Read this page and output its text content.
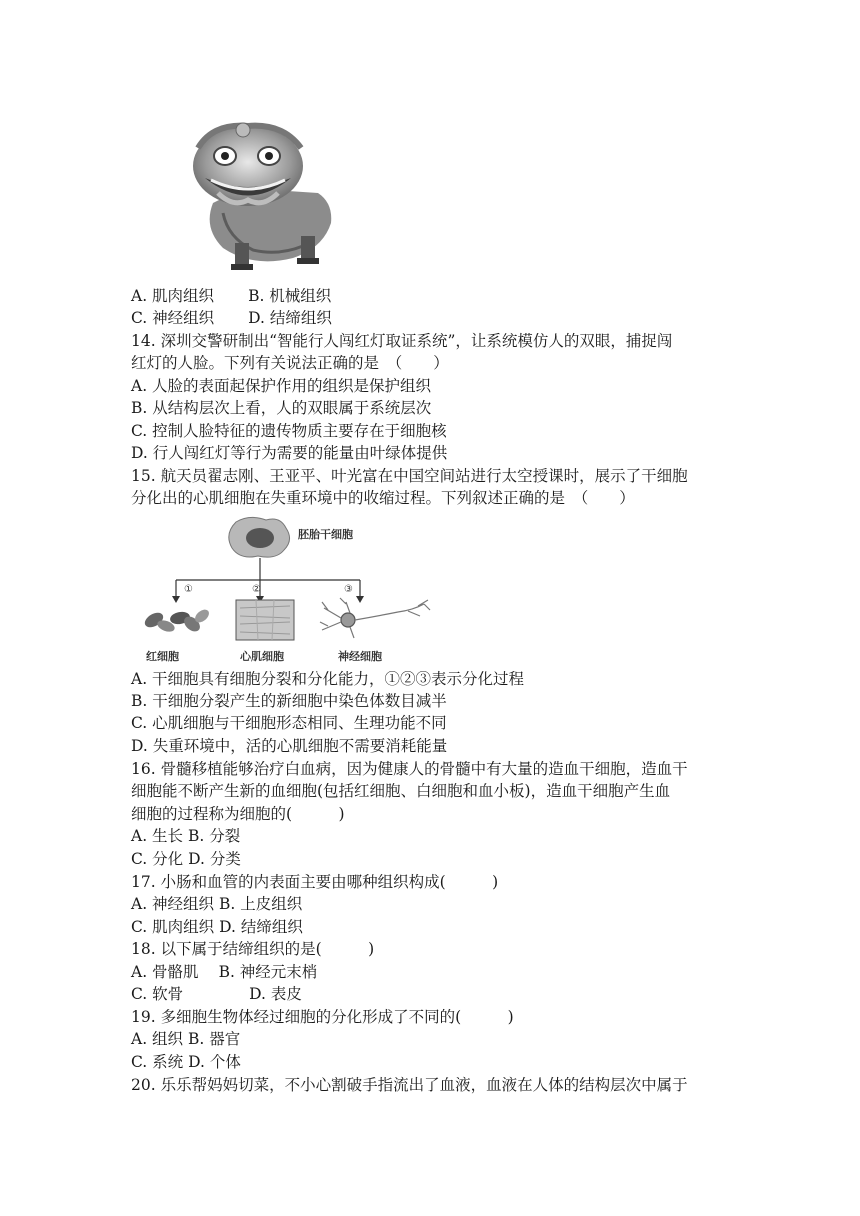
A. 肌肉组织 B. 机械组织
C. 神经组织 D. 结缔组织
14. 深圳交警研制出“智能行人闯红灯取证系统”，让系统模仿人的双眼，捕捉闯
红灯的人脸。下列有关说法正确的是　（　　）
A. 人脸的表面起保护作用的组织是保护组织
B. 从结构层次上看，人的双眼属于系统层次
C. 控制人脸特征的遗传物质主要存在于细胞核
D. 行人闯红灯等行为需要的能量由叶绿体提供
15. 航天员翟志刚、王亚平、叶光富在中国空间站进行太空授课时，展示了干细胞
分化出的心肌细胞在失重环境中的收缩过程。下列叙述正确的是　（　　）
胚胎干细胞
①	②	③
红细胞	心肌细胞	神经细胞
A. 干细胞具有细胞分裂和分化能力，①②③表示分化过程
B. 干细胞分裂产生的新细胞中染色体数目减半
C. 心肌细胞与干细胞形态相同、生理功能不同
D. 失重环境中，活的心肌细胞不需要消耗能量
16. 骨髓移植能够治疗白血病，因为健康人的骨髓中有大量的造血干细胞，造血干
细胞能不断产生新的血细胞(包括红细胞、白细胞和血小板)，造血干细胞产生血
细胞的过程称为细胞的(　　　)
A. 生长 B. 分裂
C. 分化 D. 分类
17. 小肠和血管的内表面主要由哪种组织构成(　　　)
A. 神经组织 B. 上皮组织
C. 肌肉组织 D. 结缔组织
18. 以下属于结缔组织的是(　　　)
A. 骨骼肌 B. 神经元末梢
C. 软骨	D. 表皮
19. 多细胞生物体经过细胞的分化形成了不同的(　　　)
A. 组织 B. 器官
C. 系统 D. 个体
20. 乐乐帮妈妈切菜，不小心割破手指流出了血液，血液在人体的结构层次中属于
